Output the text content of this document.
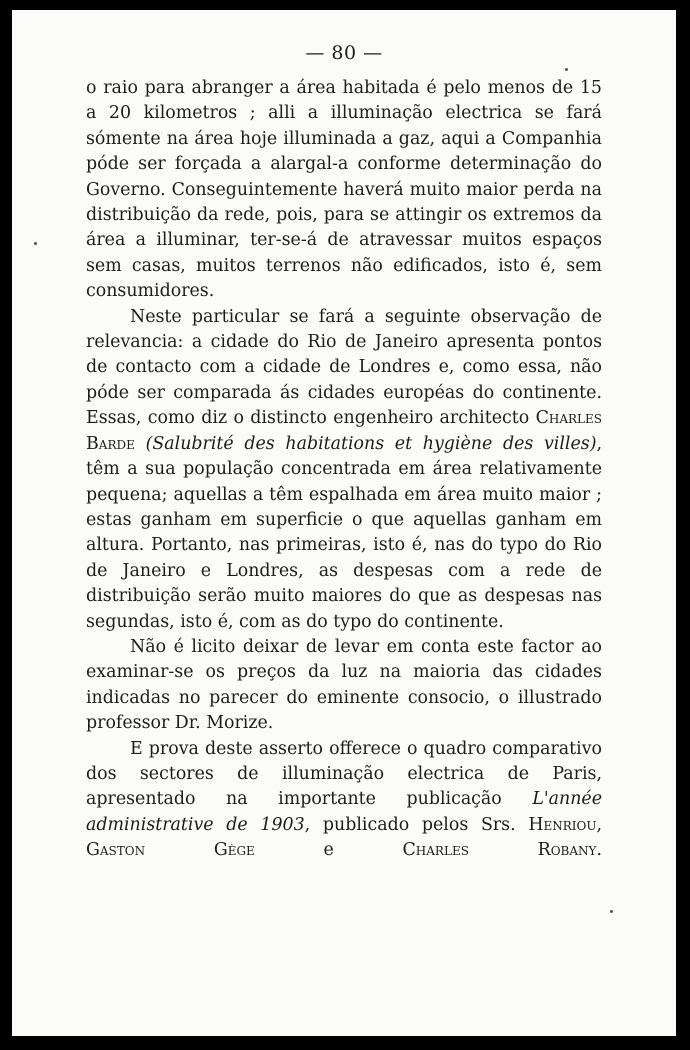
— 80 —

o raio para abranger a área habitada é pelo menos de 15 a 20 kilometros ; alli a illuminação electrica se fará sómente na área hoje illuminada a gaz, aqui a Companhia póde ser forçada a alargal-a conforme determinação do Governo. Conseguintemente haverá muito maior perda na distribuição da rede, pois, para se attingir os extremos da área a illuminar, ter-se-á de atravessar muitos espaços sem casas, muitos terrenos não edificados, isto é, sem consumidores.

Neste particular se fará a seguinte observação de relevancia: a cidade do Rio de Janeiro apresenta pontos de contacto com a cidade de Londres e, como essa, não póde ser comparada ás cidades européas do continente. Essas, como diz o distincto engenheiro architecto Charles Barde (Salubrité des habitations et hygiène des villes), têm a sua população concentrada em área relativamente pequena; aquellas a têm espalhada em área muito maior ; estas ganham em superficie o que aquellas ganham em altura. Portanto, nas primeiras, isto é, nas do typo do Rio de Janeiro e Londres, as despesas com a rede de distribuição serão muito maiores do que as despesas nas segundas, isto é, com as do typo do continente.

Não é licito deixar de levar em conta este factor ao examinar-se os preços da luz na maioria das cidades indicadas no parecer do eminente consocio, o illustrado professor Dr. Morize.

E prova deste asserto offerece o quadro comparativo dos sectores de illuminação electrica de Paris, apresentado na importante publicação L'année administrative de 1903, publicado pelos Srs. Henriou, Gaston Gège e Charles Robany.
